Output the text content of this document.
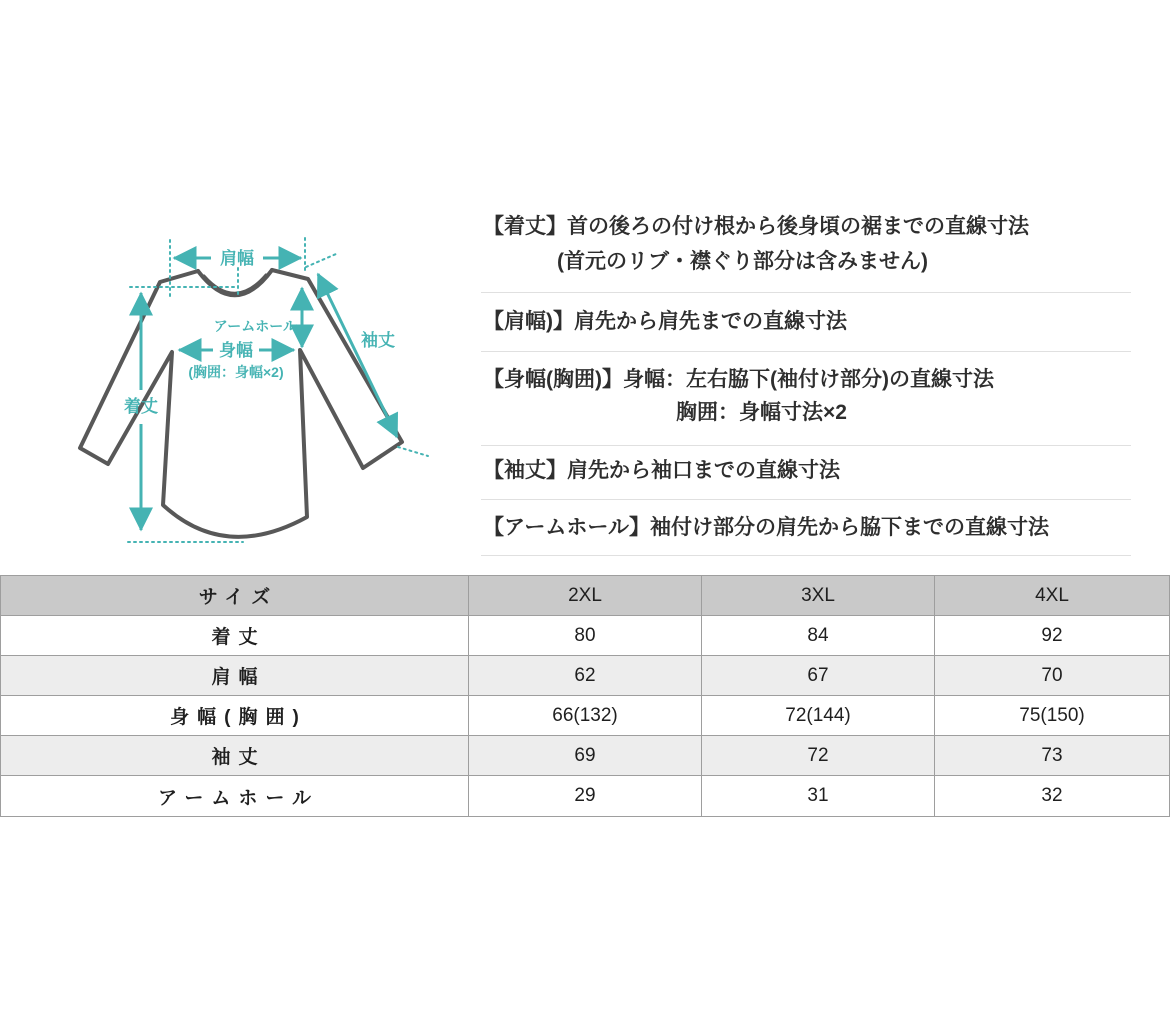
肩幅
アームホール
身幅
(胸囲：身幅×2)
着丈
袖丈

【着丈】首の後ろの付け根から後身頃の裾までの直線寸法

(首元のリブ・襟ぐり部分は含みません)

【肩幅)】肩先から肩先までの直線寸法

【身幅(胸囲)】身幅：左右脇下(袖付け部分)の直線寸法

胸囲：身幅寸法×2

【袖丈】肩先から袖口までの直線寸法

【アームホール】袖付け部分の肩先から脇下までの直線寸法

サイズ	2XL	3XL	4XL
着丈	80	84	92
肩幅	62	67	70
身幅(胸囲)	66(132)	72(144)	75(150)
袖丈	69	72	73
アームホール	29	31	32
